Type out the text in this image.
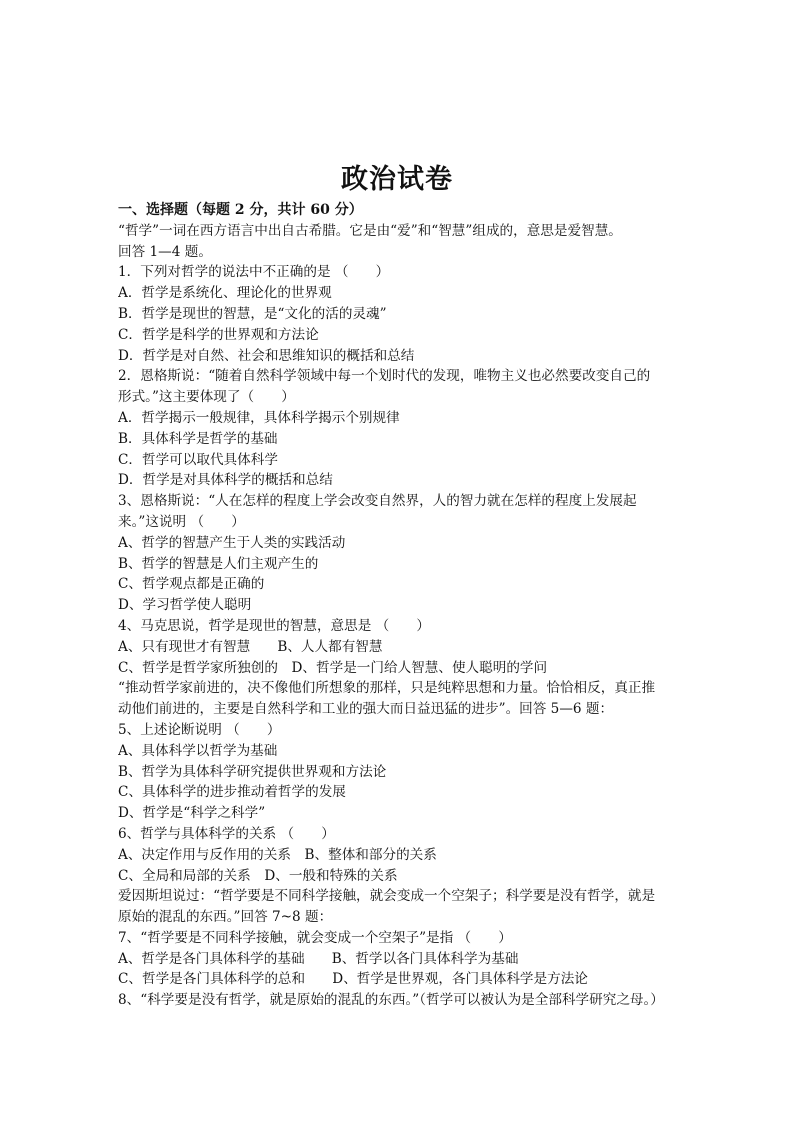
政治试卷
一、选择题（每题 2 分，共计 60 分）
“哲学”一词在西方语言中出自古希腊。它是由“爱”和“智慧”组成的，意思是爱智慧。
回答 1—4 题。
1．下列对哲学的说法中不正确的是 （　　）
A．哲学是系统化、理论化的世界观
B．哲学是现世的智慧，是“文化的活的灵魂”
C．哲学是科学的世界观和方法论
D．哲学是对自然、社会和思维知识的概括和总结
2．恩格斯说：“随着自然科学领域中每一个划时代的发现，唯物主义也必然要改变自己的
形式。”这主要体现了（　　）
A．哲学揭示一般规律，具体科学揭示个别规律
B．具体科学是哲学的基础
C．哲学可以取代具体科学
D．哲学是对具体科学的概括和总结
3、恩格斯说：“人在怎样的程度上学会改变自然界，人的智力就在怎样的程度上发展起
来。”这说明 （　　）
A、哲学的智慧产生于人类的实践活动
B、哲学的智慧是人们主观产生的
C、哲学观点都是正确的
D、学习哲学使人聪明
4、马克思说，哲学是现世的智慧，意思是 （　　）
A、只有现世才有智慧　　B、人人都有智慧
C、哲学是哲学家所独创的　D、哲学是一门给人智慧、使人聪明的学问
“推动哲学家前进的，决不像他们所想象的那样，只是纯粹思想和力量。恰恰相反，真正推
动他们前进的，主要是自然科学和工业的强大而日益迅猛的进步”。回答 5—6 题：
5、上述论断说明 （　　）
A、具体科学以哲学为基础
B、哲学为具体科学研究提供世界观和方法论
C、具体科学的进步推动着哲学的发展
D、哲学是“科学之科学”
6、哲学与具体科学的关系 （　　）
A、决定作用与反作用的关系　B、整体和部分的关系
C、全局和局部的关系　D、一般和特殊的关系
爱因斯坦说过：“哲学要是不同科学接触，就会变成一个空架子；科学要是没有哲学，就是
原始的混乱的东西。”回答 7~8 题：
7、“哲学要是不同科学接触，就会变成一个空架子”是指 （　　）
A、哲学是各门具体科学的基础　　B、哲学以各门具体科学为基础
C、哲学是各门具体科学的总和　　D、哲学是世界观，各门具体科学是方法论
8、“科学要是没有哲学，就是原始的混乱的东西。”（哲学可以被认为是全部科学研究之母。）
